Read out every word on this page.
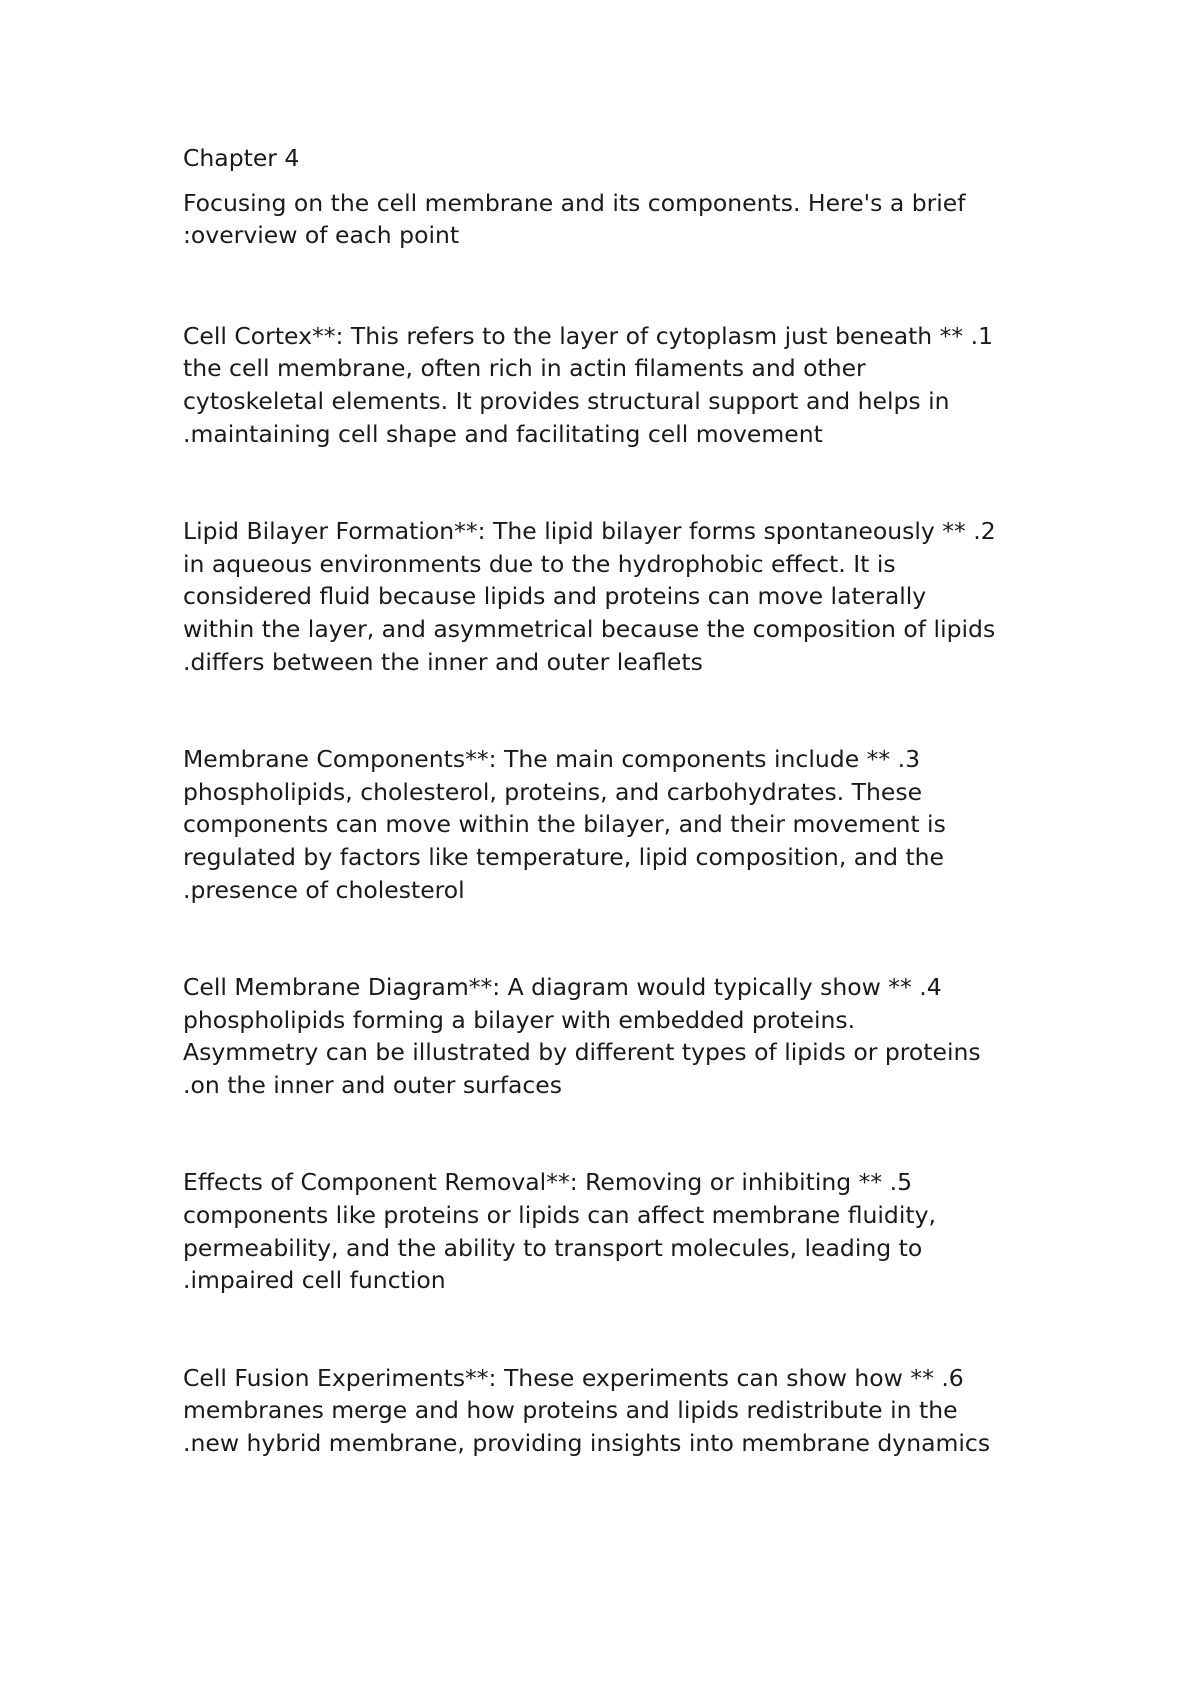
Chapter 4

Focusing on the cell membrane and its components. Here's a brief

:overview of each point

Cell Cortex**: This refers to the layer of cytoplasm just beneath ** .1

the cell membrane, often rich in actin filaments and other

cytoskeletal elements. It provides structural support and helps in

.maintaining cell shape and facilitating cell movement

Lipid Bilayer Formation**: The lipid bilayer forms spontaneously ** .2

in aqueous environments due to the hydrophobic effect. It is

considered fluid because lipids and proteins can move laterally

within the layer, and asymmetrical because the composition of lipids

.differs between the inner and outer leaflets

Membrane Components**: The main components include ** .3

phospholipids, cholesterol, proteins, and carbohydrates. These

components can move within the bilayer, and their movement is

regulated by factors like temperature, lipid composition, and the

.presence of cholesterol

Cell Membrane Diagram**: A diagram would typically show ** .4

phospholipids forming a bilayer with embedded proteins.

Asymmetry can be illustrated by different types of lipids or proteins

.on the inner and outer surfaces

Effects of Component Removal**: Removing or inhibiting ** .5

components like proteins or lipids can affect membrane fluidity,

permeability, and the ability to transport molecules, leading to

.impaired cell function

Cell Fusion Experiments**: These experiments can show how ** .6

membranes merge and how proteins and lipids redistribute in the

.new hybrid membrane, providing insights into membrane dynamics
